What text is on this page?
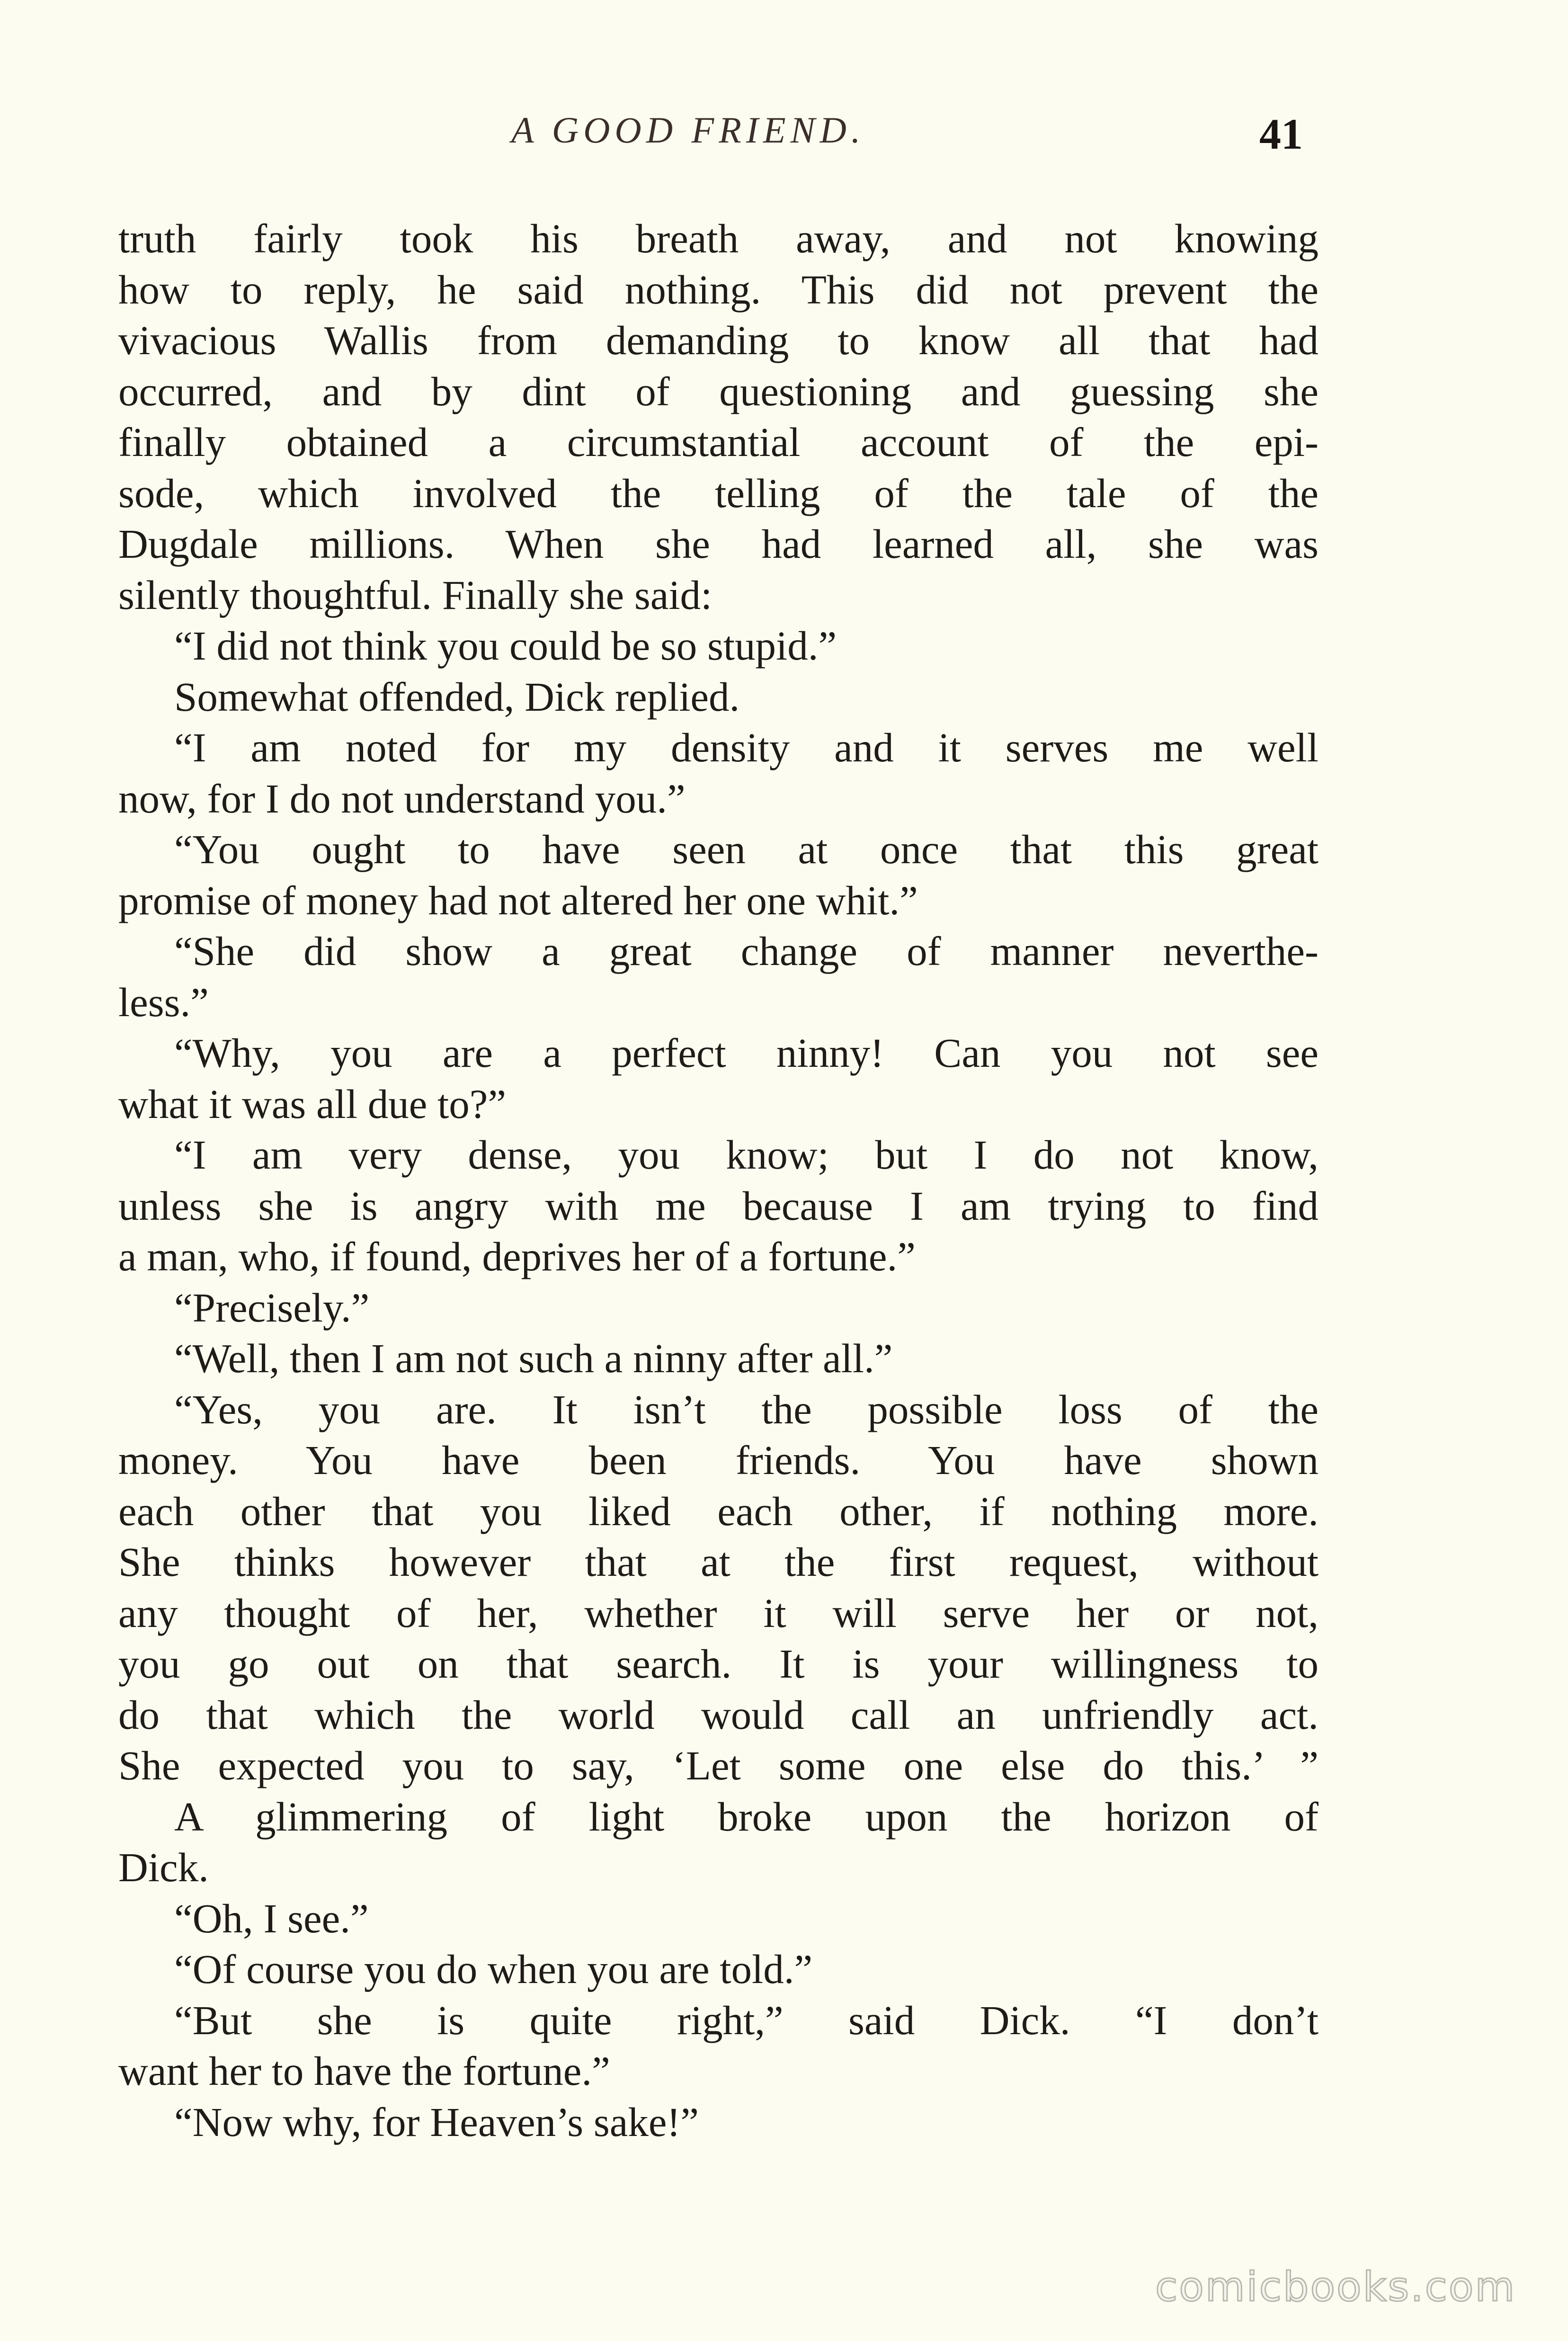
A GOOD FRIEND.	41
truth fairly took his breath away, and not knowing
how to reply, he said nothing. This did not prevent the
vivacious Wallis from demanding to know all that had
occurred, and by dint of questioning and guessing she
finally obtained a circumstantial account of the epi-
sode, which involved the telling of the tale of the
Dugdale millions. When she had learned all, she was
silently thoughtful. Finally she said:
“I did not think you could be so stupid.”
Somewhat offended, Dick replied.
“I am noted for my density and it serves me well
now, for I do not understand you.”
“You ought to have seen at once that this great
promise of money had not altered her one whit.”
“She did show a great change of manner neverthe-
less.”
“Why, you are a perfect ninny! Can you not see
what it was all due to?”
“I am very dense, you know; but I do not know,
unless she is angry with me because I am trying to find
a man, who, if found, deprives her of a fortune.”
“Precisely.”
“Well, then I am not such a ninny after all.”
“Yes, you are. It isn’t the possible loss of the
money. You have been friends. You have shown
each other that you liked each other, if nothing more.
She thinks however that at the first request, without
any thought of her, whether it will serve her or not,
you go out on that search. It is your willingness to
do that which the world would call an unfriendly act.
She expected you to say, ‘Let some one else do this.’ ”
A glimmering of light broke upon the horizon of
Dick.
“Oh, I see.”
“Of course you do when you are told.”
“But she is quite right,” said Dick. “I don’t
want her to have the fortune.”
“Now why, for Heaven’s sake!”
comicbooks.com
